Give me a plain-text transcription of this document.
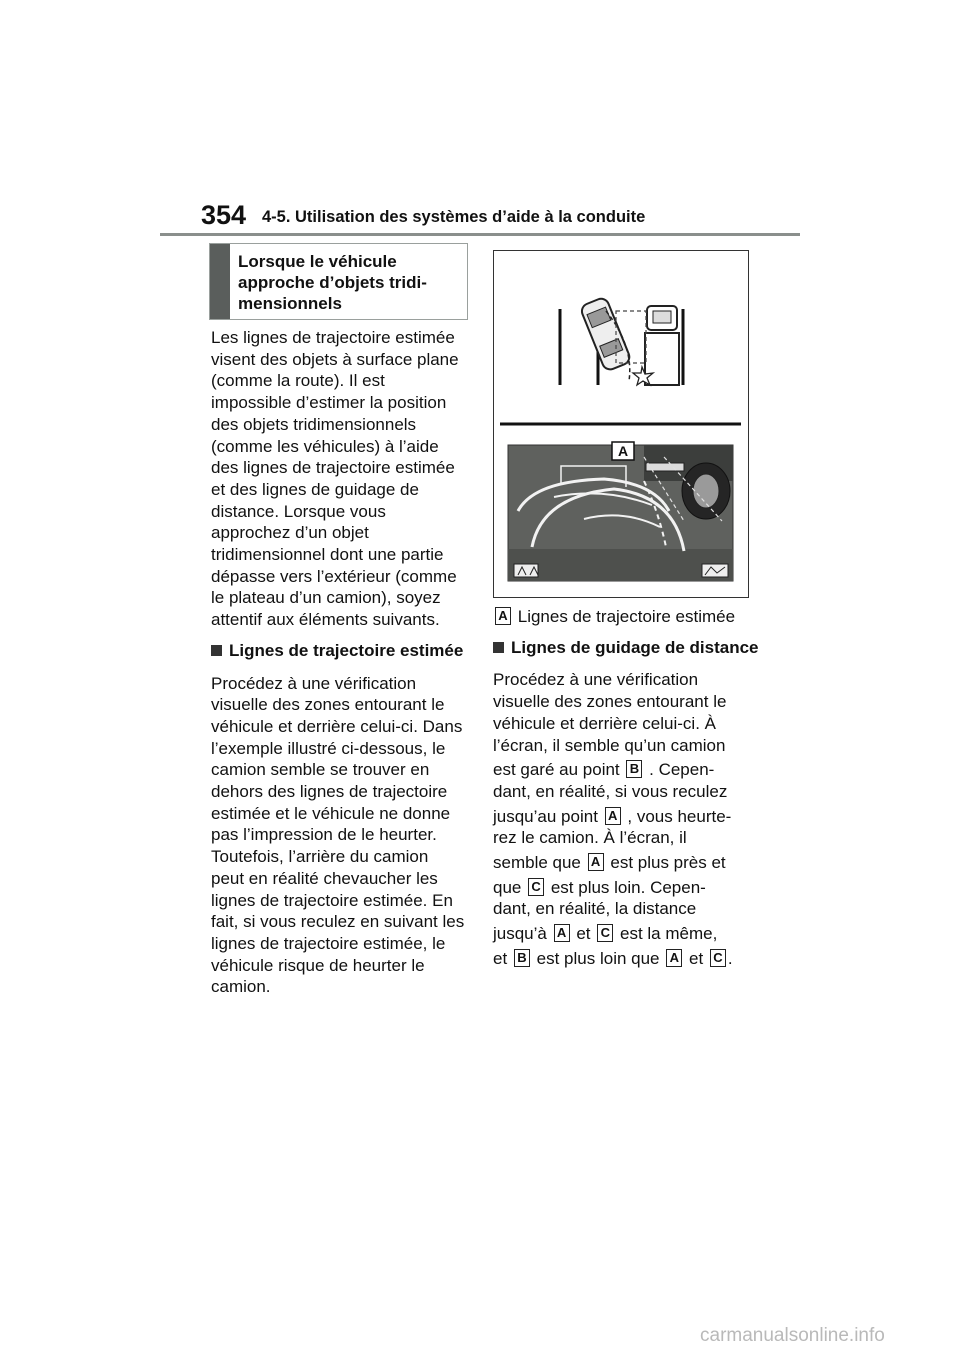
354 4-5. Utilisation des systèmes d’aide à la conduite
Lorsque le véhicule
approche d’objets tridi-
mensionnels

Les lignes de trajectoire estimée visent des objets à surface plane (comme la route). Il est impossible d’estimer la position des objets tridimensionnels (comme les véhicules) à l’aide des lignes de trajectoire estimée et des lignes de guidage de distance. Lorsque vous approchez d’un objet tridimensionnel dont une partie dépasse vers l’extérieur (comme le plateau d’un camion), soyez attentif aux éléments suivants.

Lignes de trajectoire estimée

Procédez à une vérification visuelle des zones entourant le véhicule et derrière celui-ci. Dans l’exemple illustré ci-dessous, le camion semble se trouver en dehors des lignes de trajectoire estimée et le véhicule ne donne pas l’impression de le heurter. Toutefois, l’arrière du camion peut en réalité chevaucher les lignes de trajectoire estimée. En fait, si vous reculez en suivant les lignes de trajectoire estimée, le véhicule risque de heurter le camion.

A

A Lignes de trajectoire estimée

Lignes de guidage de distance

Procédez à une vérification
visuelle des zones entourant le
véhicule et derrière celui-ci. À
l’écran, il semble qu’un camion
est garé au point B . Cepen-
dant, en réalité, si vous reculez
jusqu’au point A , vous heurte-
rez le camion. À l’écran, il
semble que A est plus près et
que C est plus loin. Cepen-
dant, en réalité, la distance
jusqu’à A et C est la même,
et B est plus loin que A et C .
carmanualsonline.info
